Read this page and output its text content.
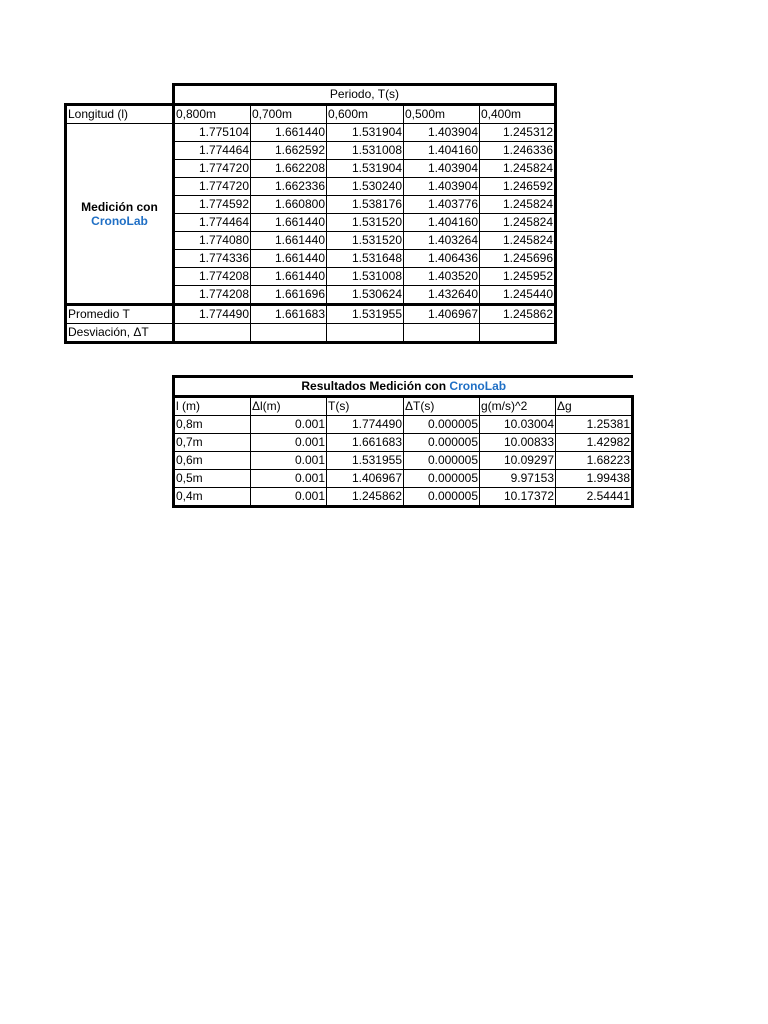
	Periodo, T(s)				
Longitud (l)	0,800m	0,700m	0,600m	0,500m	0,400m

Medición con
CronoLab	1.775104	1.661440	1.531904	1.403904	1.245312
	1.774464	1.662592	1.531008	1.404160	1.246336
	1.774720	1.662208	1.531904	1.403904	1.245824
	1.774720	1.662336	1.530240	1.403904	1.246592
	1.774592	1.660800	1.538176	1.403776	1.245824
	1.774464	1.661440	1.531520	1.404160	1.245824
	1.774080	1.661440	1.531520	1.403264	1.245824
	1.774336	1.661440	1.531648	1.406436	1.245696
	1.774208	1.661440	1.531008	1.403520	1.245952
	1.774208	1.661696	1.530624	1.432640	1.245440
Promedio T	1.774490	1.661683	1.531955	1.406967	1.245862
Desviación, ΔT					
Resultados Medición con CronoLab					
l (m)	Δl(m)	T(s)	ΔT(s)	g(m/s)^2	Δg
0,8m	0.001	1.774490	0.000005	10.03004	1.25381
0,7m	0.001	1.661683	0.000005	10.00833	1.42982
0,6m	0.001	1.531955	0.000005	10.09297	1.68223
0,5m	0.001	1.406967	0.000005	9.97153	1.99438
0,4m	0.001	1.245862	0.000005	10.17372	2.54441
